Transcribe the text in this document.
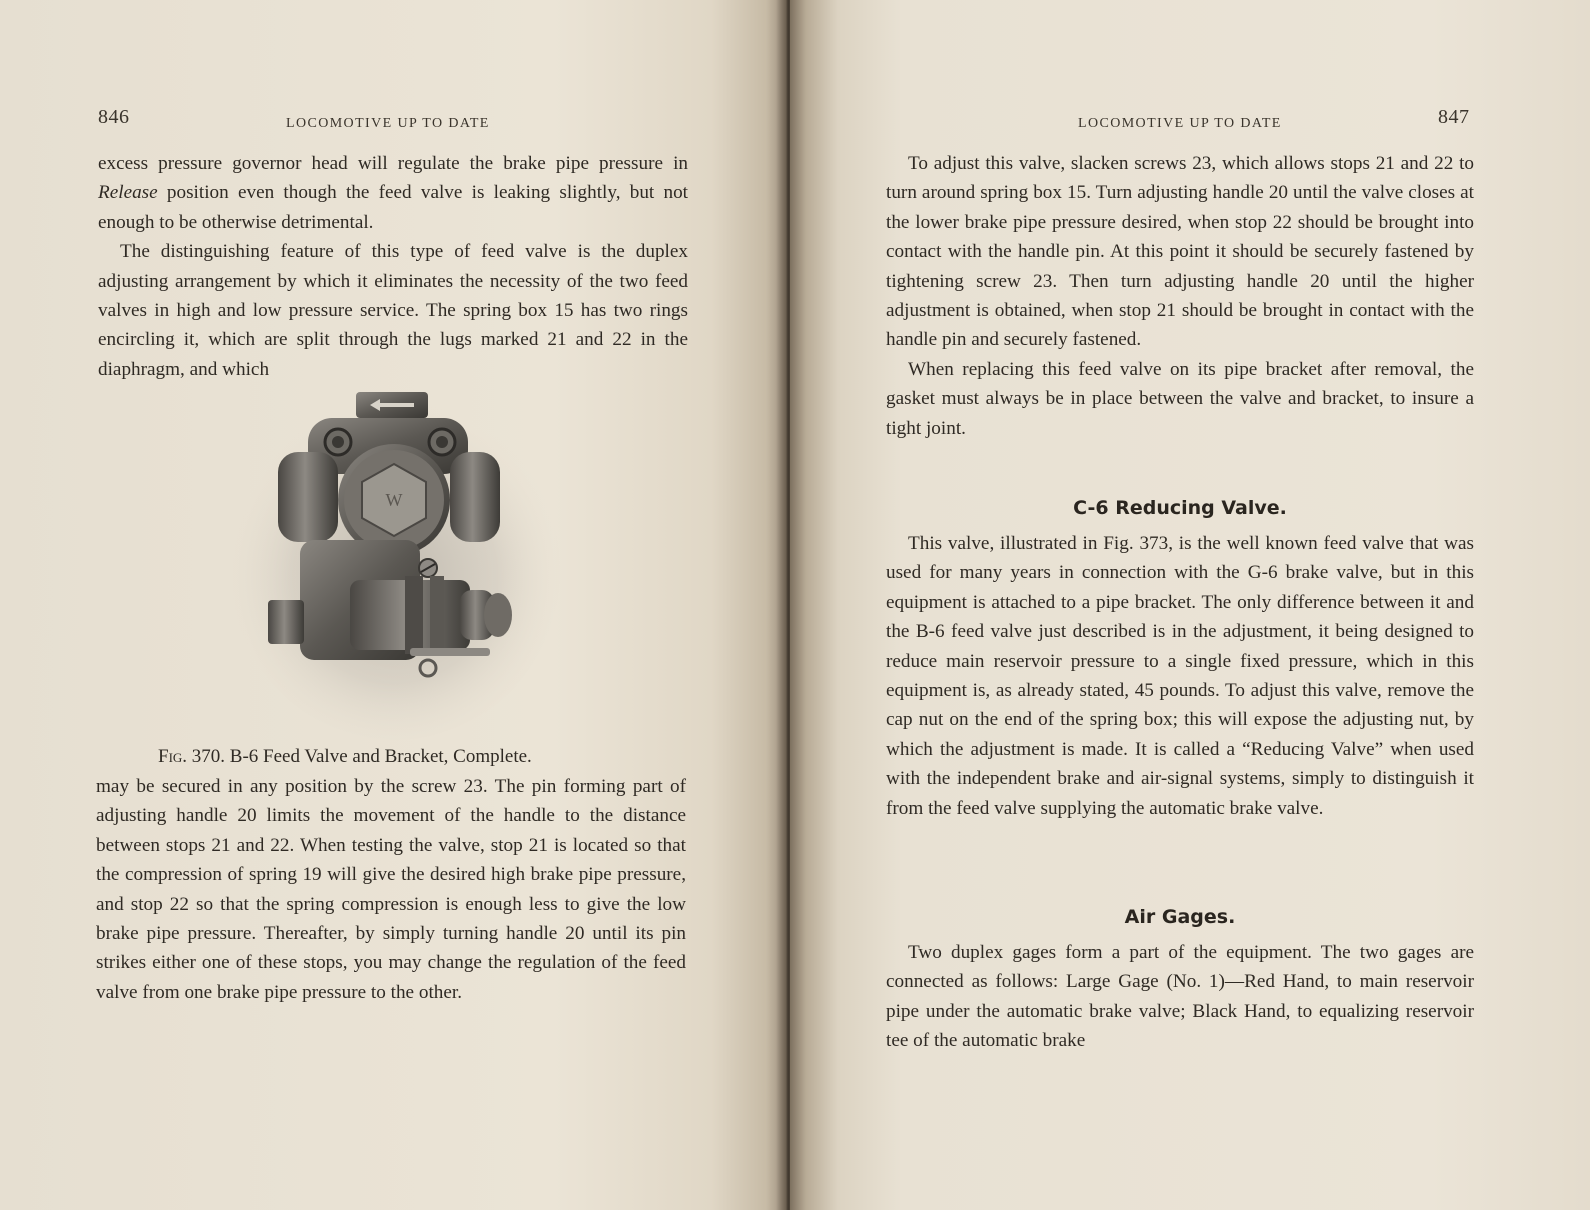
846	LOCOMOTIVE UP TO DATE

excess pressure governor head will regulate the brake pipe pressure in Release position even though the feed valve is leaking slightly, but not enough to be otherwise detrimental.

The distinguishing feature of this type of feed valve is the duplex adjusting arrangement by which it eliminates the necessity of the two feed valves in high and low pressure service. The spring box 15 has two rings encircling it, which are split through the lugs marked 21 and 22 in the diaphragm, and which

W
Fig. 370. B-6 Feed Valve and Bracket, Complete.

may be secured in any position by the screw 23. The pin forming part of adjusting handle 20 limits the movement of the handle to the distance between stops 21 and 22. When testing the valve, stop 21 is located so that the compression of spring 19 will give the desired high brake pipe pressure, and stop 22 so that the spring compression is enough less to give the low brake pipe pressure. Thereafter, by simply turning handle 20 until its pin strikes either one of these stops, you may change the regulation of the feed valve from one brake pipe pressure to the other.

LOCOMOTIVE UP TO DATE	847

To adjust this valve, slacken screws 23, which allows stops 21 and 22 to turn around spring box 15. Turn adjusting handle 20 until the valve closes at the lower brake pipe pressure desired, when stop 22 should be brought into contact with the handle pin. At this point it should be securely fastened by tightening screw 23. Then turn adjusting handle 20 until the higher adjustment is obtained, when stop 21 should be brought in contact with the handle pin and securely fastened.

When replacing this feed valve on its pipe bracket after removal, the gasket must always be in place between the valve and bracket, to insure a tight joint.

C-6 Reducing Valve.

This valve, illustrated in Fig. 373, is the well known feed valve that was used for many years in connection with the G-6 brake valve, but in this equipment is attached to a pipe bracket. The only difference between it and the B-6 feed valve just described is in the adjustment, it being designed to reduce main reservoir pressure to a single fixed pressure, which in this equipment is, as already stated, 45 pounds. To adjust this valve, remove the cap nut on the end of the spring box; this will expose the adjusting nut, by which the adjustment is made. It is called a “Reducing Valve” when used with the independent brake and air-signal systems, simply to distinguish it from the feed valve supplying the automatic brake valve.

Air Gages.

Two duplex gages form a part of the equipment. The two gages are connected as follows: Large Gage (No. 1)—Red Hand, to main reservoir pipe under the automatic brake valve; Black Hand, to equalizing reservoir tee of the automatic brake
